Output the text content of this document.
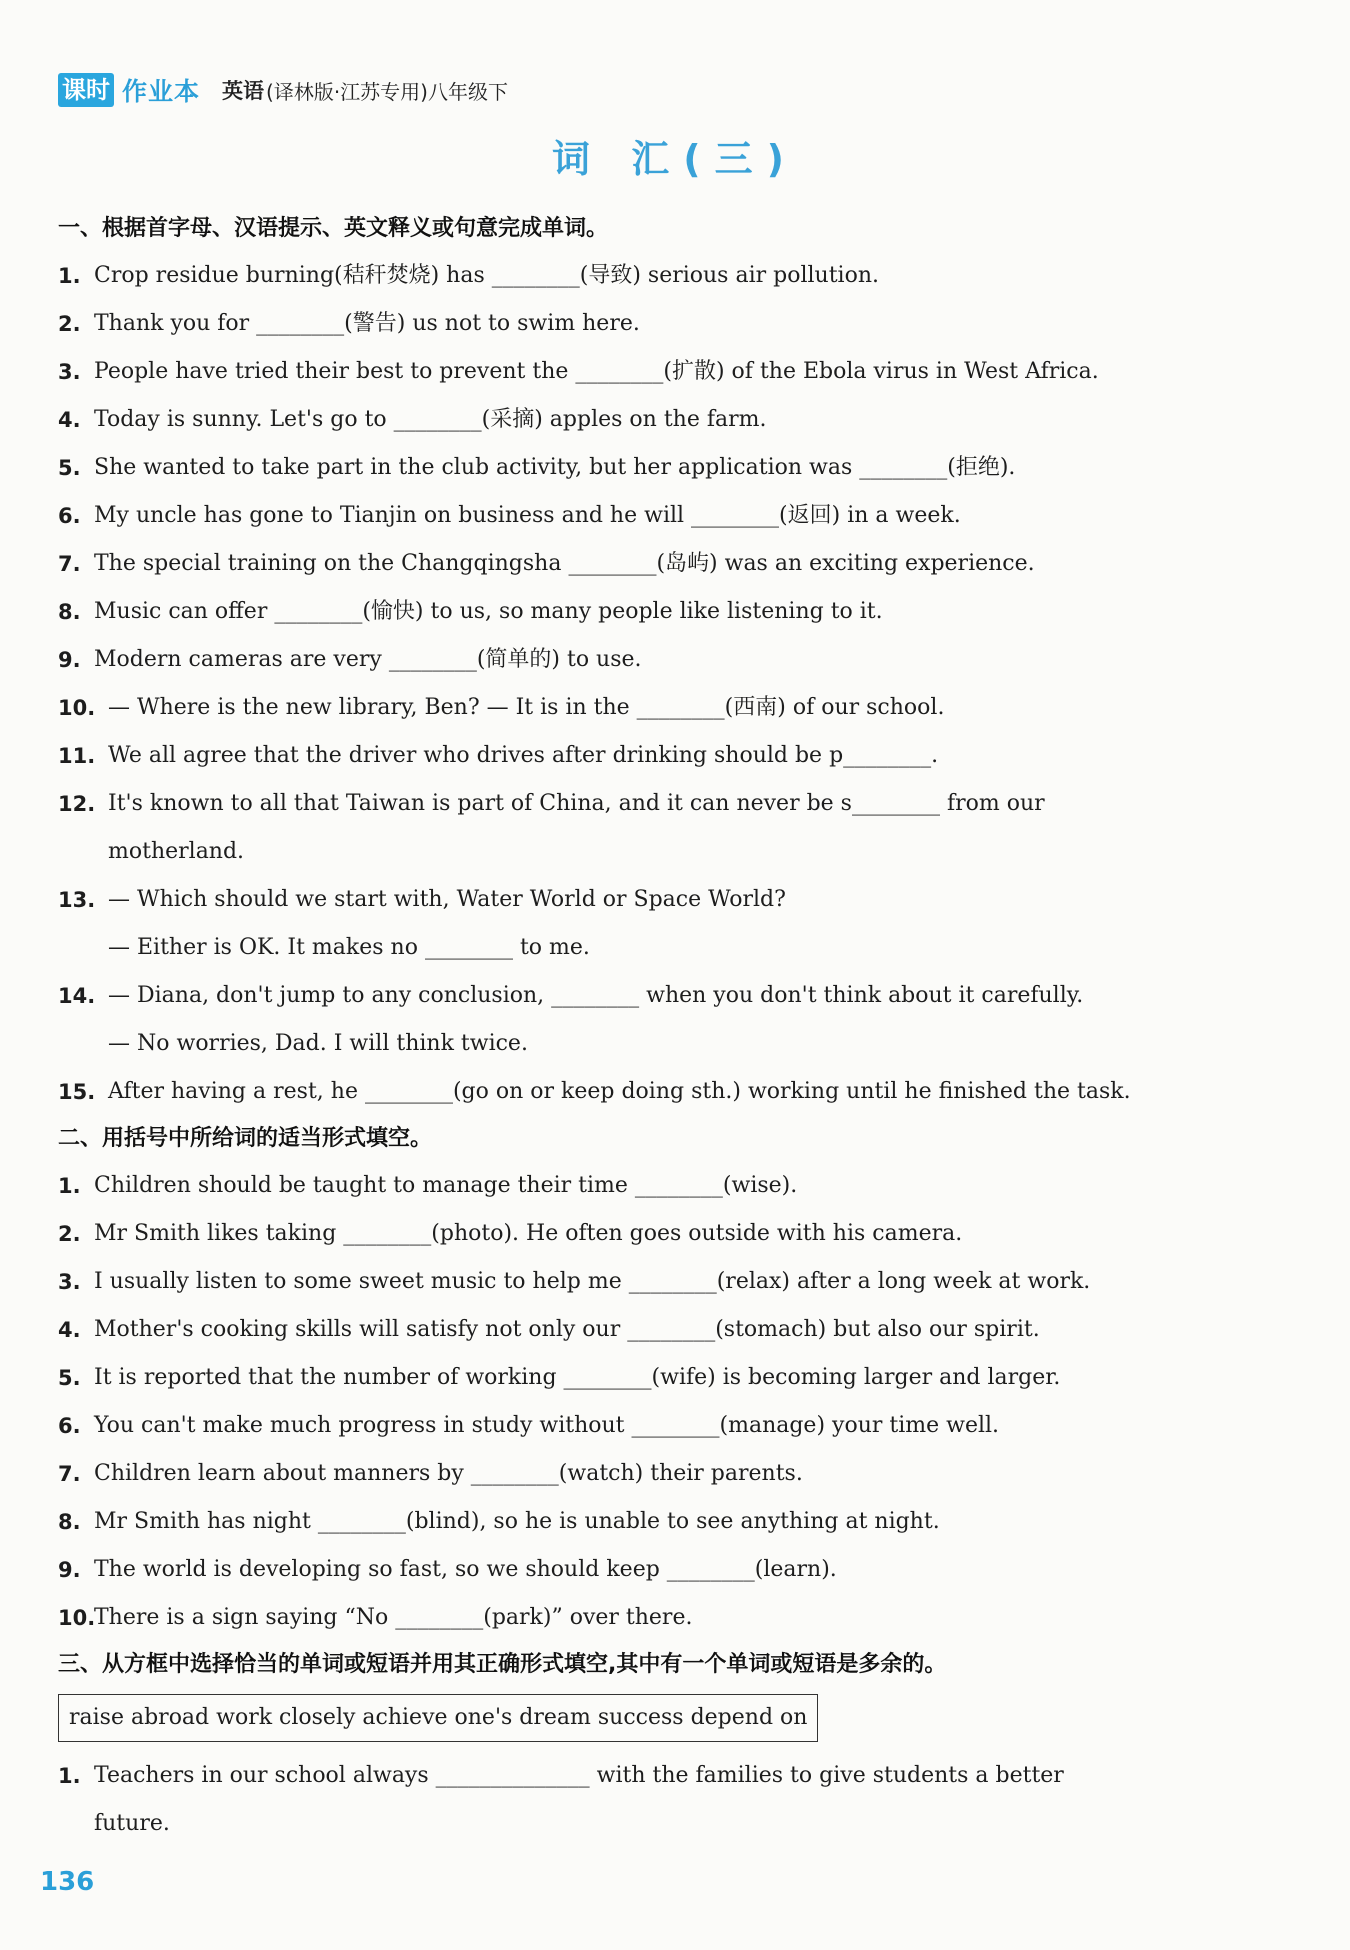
课时 作业本 英语 (译林版·江苏专用)八年级下
词 汇(三)
一、根据首字母、汉语提示、英文释义或句意完成单词。
1. Crop residue burning(秸秆焚烧) has ________(导致) serious air pollution.
2. Thank you for ________(警告) us not to swim here.
3. People have tried their best to prevent the ________(扩散) of the Ebola virus in West Africa.
4. Today is sunny. Let's go to ________(采摘) apples on the farm.
5. She wanted to take part in the club activity, but her application was ________(拒绝).
6. My uncle has gone to Tianjin on business and he will ________(返回) in a week.
7. The special training on the Changqingsha ________(岛屿) was an exciting experience.
8. Music can offer ________(愉快) to us, so many people like listening to it.
9. Modern cameras are very ________(简单的) to use.
10. — Where is the new library, Ben? — It is in the ________(西南) of our school.
11. We all agree that the driver who drives after drinking should be p________.
12. It's known to all that Taiwan is part of China, and it can never be s________ from our
motherland.
13. — Which should we start with, Water World or Space World?
— Either is OK. It makes no ________ to me.
14. — Diana, don't jump to any conclusion, ________ when you don't think about it carefully.
— No worries, Dad. I will think twice.
15. After having a rest, he ________(go on or keep doing sth.) working until he finished the task.
二、用括号中所给词的适当形式填空。
1. Children should be taught to manage their time ________(wise).
2. Mr Smith likes taking ________(photo). He often goes outside with his camera.
3. I usually listen to some sweet music to help me ________(relax) after a long week at work.
4. Mother's cooking skills will satisfy not only our ________(stomach) but also our spirit.
5. It is reported that the number of working ________(wife) is becoming larger and larger.
6. You can't make much progress in study without ________(manage) your time well.
7. Children learn about manners by ________(watch) their parents.
8. Mr Smith has night ________(blind), so he is unable to see anything at night.
9. The world is developing so fast, so we should keep ________(learn).
10.
There is a sign saying “No ________(park)” over there.
三、从方框中选择恰当的单词或短语并用其正确形式填空,其中有一个单词或短语是多余的。
raise abroad work closely achieve one's dream success depend on
1. Teachers in our school always ______________ with the families to give students a better
future.
136
